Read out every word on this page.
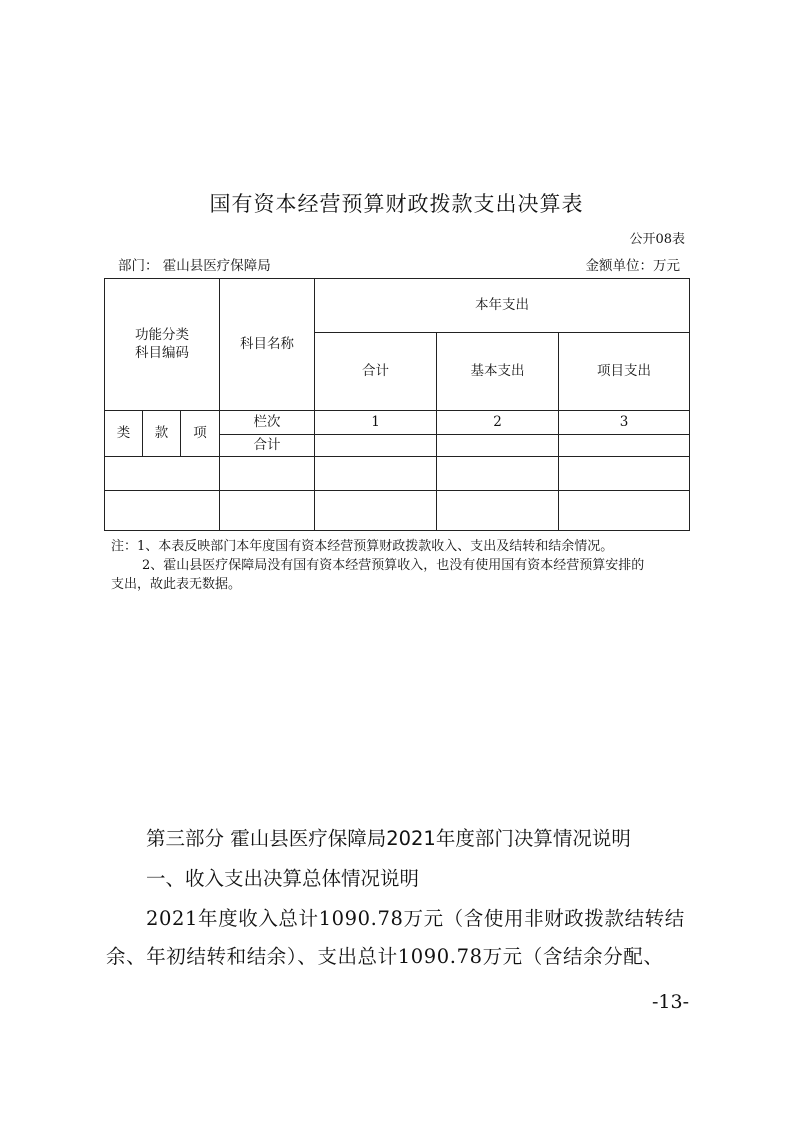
国有资本经营预算财政拨款支出决算表
公开08表
部门： 霍山县医疗保障局	金额单位：万元
功能分类
科目编码			科目名称	本年支出		
				合计	基本支出	项目支出
类	款	项	栏次	1	2	3
			合计			

注：1、本表反映部门本年度国有资本经营预算财政拨款收入、支出及结转和结余情况。
2、霍山县医疗保障局没有国有资本经营预算收入，也没有使用国有资本经营预算安排的
支出，故此表无数据。
第三部分 霍山县医疗保障局2021年度部门决算情况说明
一、收入支出决算总体情况说明
2021年度收入总计1090.78万元（含使用非财政拨款结转结
余、年初结转和结余）、支出总计1090.78万元（含结余分配、
-13-
